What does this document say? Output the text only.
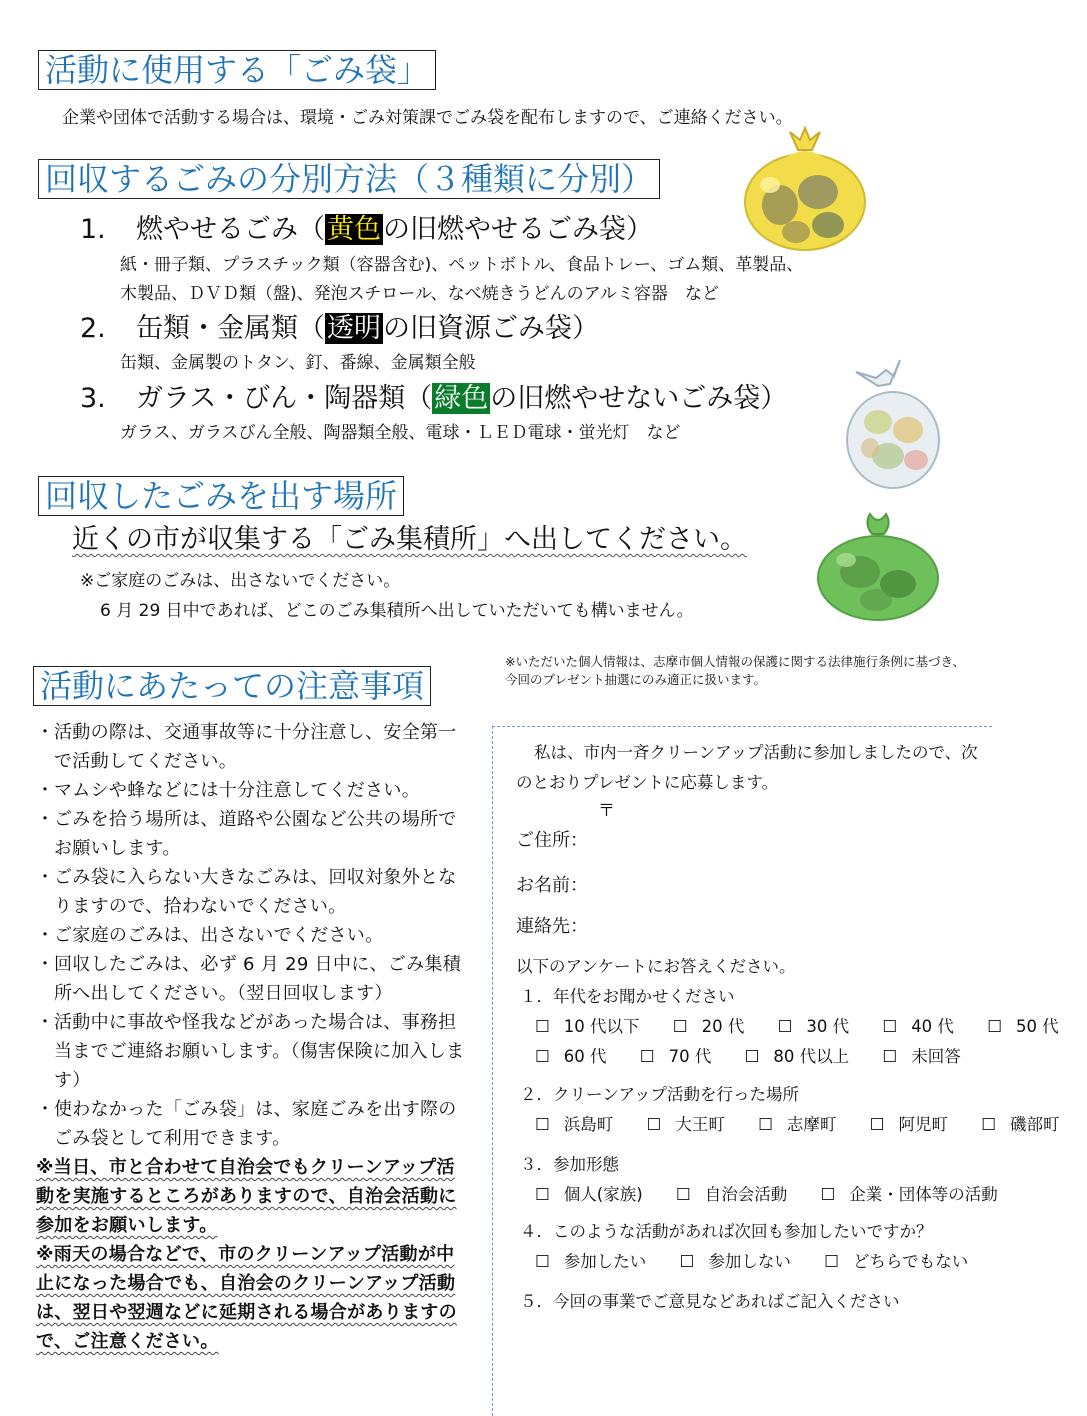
活動に使用する「ごみ袋」
企業や団体で活動する場合は、環境・ごみ対策課でごみ袋を配布しますので、ご連絡ください。
回収するごみの分別方法（３種類に分別）
1. 燃やせるごみ（黄色の旧燃やせるごみ袋）
紙・冊子類、プラスチック類（容器含む)、ペットボトル、食品トレー、ゴム類、革製品、
木製品、ＤＶＤ類（盤)、発泡スチロール、なべ焼きうどんのアルミ容器　など
2. 缶類・金属類（透明の旧資源ごみ袋）
缶類、金属製のトタン、釘、番線、金属類全般
3. ガラス・びん・陶器類（緑色の旧燃やせないごみ袋）
ガラス、ガラスびん全般、陶器類全般、電球・ＬＥＤ電球・蛍光灯　など
回収したごみを出す場所
近くの市が収集する「ごみ集積所」へ出してください。
※ご家庭のごみは、出さないでください。
6 月 29 日中であれば、どこのごみ集積所へ出していただいても構いません。
※いただいた個人情報は、志摩市個人情報の保護に関する法律施行条例に基づき、今回のプレゼント抽選にのみ適正に扱います。
活動にあたっての注意事項
・ 活動の際は、交通事故等に十分注意し、安全第一で活動してください。
・ マムシや蜂などには十分注意してください。
・ ごみを拾う場所は、道路や公園など公共の場所でお願いします。
・ ごみ袋に入らない大きなごみは、回収対象外となりますので、拾わないでください。
・ ご家庭のごみは、出さないでください。
・ 回収したごみは、必ず 6 月 29 日中に、ごみ集積所へ出してください。（翌日回収します）
・ 活動中に事故や怪我などがあった場合は、事務担当までご連絡お願いします。（傷害保険に加入します）
・ 使わなかった「ごみ袋」は、家庭ごみを出す際のごみ袋として利用できます。
※当日、市と合わせて自治会でもクリーンアップ活動を実施するところがありますので、自治会活動に参加をお願いします。
※雨天の場合などで、市のクリーンアップ活動が中止になった場合でも、自治会のクリーンアップ活動は、翌日や翌週などに延期される場合がありますので、ご注意ください。
私は、市内一斉クリーンアップ活動に参加しましたので、次のとおりプレゼントに応募します。
〒
ご住所：
お名前：
連絡先：
以下のアンケートにお答えください。
１．年代をお聞かせください
☐ 10 代以下 ☐ 20 代 ☐ 30 代 ☐ 40 代 ☐ 50 代
☐ 60 代 ☐ 70 代 ☐ 80 代以上 ☐ 未回答
２．クリーンアップ活動を行った場所
☐ 浜島町 ☐ 大王町 ☐ 志摩町 ☐ 阿児町 ☐ 磯部町
３．参加形態
☐ 個人(家族) ☐ 自治会活動 ☐ 企業・団体等の活動
４．このような活動があれば次回も参加したいですか？
☐ 参加したい ☐ 参加しない ☐ どちらでもない
５．今回の事業でご意見などあればご記入ください
